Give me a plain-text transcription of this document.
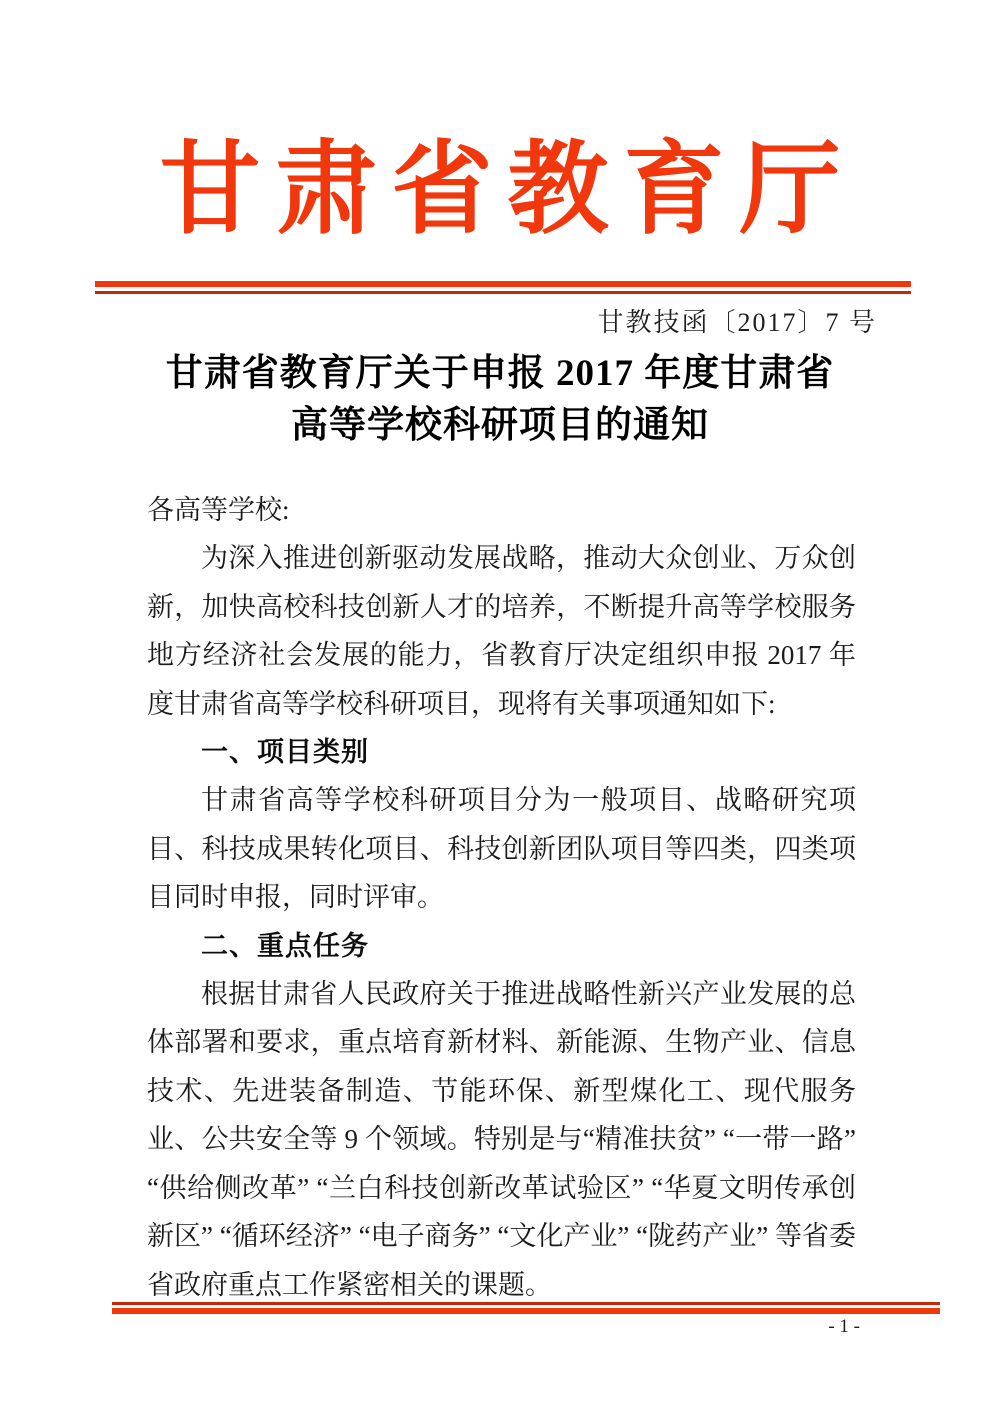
甘肃省教育厅
甘教技函〔2017〕7 号
甘肃省教育厅关于申报 2017 年度甘肃省
高等学校科研项目的通知

各高等学校:

为深入推进创新驱动发展战略，推动大众创业、万众创新，加快高校科技创新人才的培养，不断提升高等学校服务地方经济社会发展的能力，省教育厅决定组织申报 2017 年度甘肃省高等学校科研项目，现将有关事项通知如下:

一、项目类别

甘肃省高等学校科研项目分为一般项目、战略研究项目、科技成果转化项目、科技创新团队项目等四类，四类项目同时申报，同时评审。

二、重点任务

根据甘肃省人民政府关于推进战略性新兴产业发展的总体部署和要求，重点培育新材料、新能源、生物产业、信息技术、先进装备制造、节能环保、新型煤化工、现代服务业、公共安全等 9 个领域。特别是与“精准扶贫” “一带一路” “供给侧改革” “兰白科技创新改革试验区” “华夏文明传承创新区” “循环经济” “电子商务” “文化产业” “陇药产业” 等省委省政府重点工作紧密相关的课题。

- 1 -
